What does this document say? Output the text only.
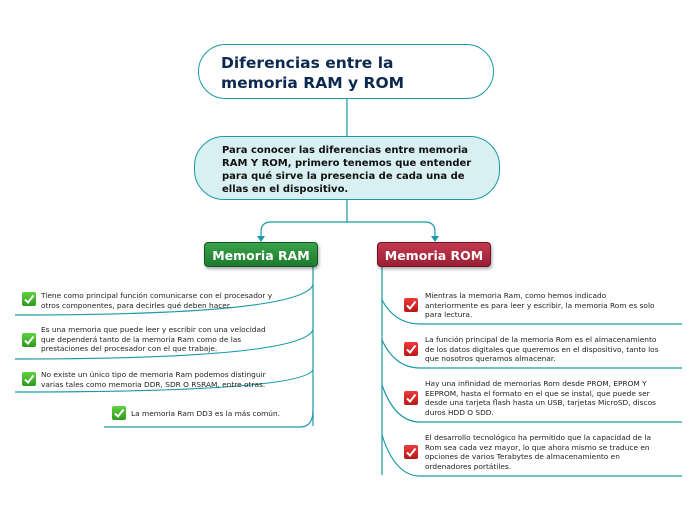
Diferencias entre la
memoria RAM y ROM
Para conocer las diferencias entre memoria
RAM Y ROM, primero tenemos que entender
para qué sirve la presencia de cada una de
ellas en el dispositivo.
Memoria RAM	Memoria ROM
Tiene como principal función comunicarse con el procesador y
otros componentes, para decirles qué deben hacer.
Es una memoria que puede leer y escribir con una velocidad
que dependerá tanto de la memoria Ram como de las
prestaciones del procesador con el que trabaje.
No existe un único tipo de memoria Ram podemos distinguir
varias tales como memoria DDR, SDR O RSRAM, entre otras.
La memoria Ram DD3 es la más común.
Mientras la memoria Ram, como hemos indicado
anteriormente es para leer y escribir, la memoria Rom es solo
para lectura.
La función principal de la memoria Rom es el almacenamiento
de los datos digitales que queremos en el dispositivo, tanto los
que nosotros queramos almacenar.
Hay una infinidad de memorias Rom desde PROM, EPROM Y
EEPROM, hasta el formato en el que se instal, que puede ser
desde una tarjeta flash hasta un USB, tarjetas MicroSD, discos
duros HDD O SDD.
El desarrollo tecnológico ha permitido que la capacidad de la
Rom sea cada vez mayor, lo que ahora mismo se traduce en
opciones de varios Terabytes de almacenamiento en
ordenadores portátiles.
